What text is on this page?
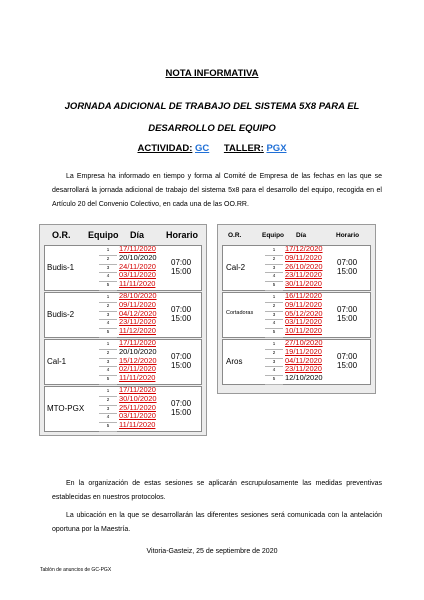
NOTA INFORMATIVA
JORNADA ADICIONAL DE TRABAJO DEL SISTEMA 5X8 PARA EL DESARROLLO DEL EQUIPO
ACTIVIDAD: GC TALLER: PGX
La Empresa ha informado en tiempo y forma al Comité de Empresa de las fechas en las que se desarrollará la jornada adicional de trabajo del sistema 5x8 para el desarrollo del equipo, recogida en el Artículo 20 del Convenio Colectivo, en cada una de las OO.RR.
O.R. Equipo Día Horario
Budis-1
1
2
3
4
5
17/11/2020
20/10/2020
24/11/2020
03/11/2020
11/11/2020
07:00
15:00
Budis-2
1
2
3
4
5
28/10/2020
09/11/2020
04/12/2020
23/11/2020
11/12/2020
07:00
15:00
Cal-1
1
2
3
4
5
17/11/2020
20/10/2020
15/12/2020
02/11/2020
11/11/2020
07:00
15:00
MTO-PGX
1
2
3
4
5
17/11/2020
30/10/2020
25/11/2020
03/11/2020
11/11/2020
07:00
15:00
O.R.	Equipo Día	Horario
Cal-2
1
2
3
4
5
17/12/2020
09/11/2020
26/10/2020
23/11/2020
30/11/2020
07:00
15:00
Cortadoras
1
2
3
4
5
16/11/2020
09/11/2020
05/12/2020
03/11/2020
10/11/2020
07:00
15:00
Aros
1
2
3
4
5
27/10/2020
19/11/2020
04/11/2020
23/11/2020
12/10/2020
07:00
15:00
En la organización de estas sesiones se aplicarán escrupulosamente las medidas preventivas establecidas en nuestros protocolos.
La ubicación en la que se desarrollarán las diferentes sesiones será comunicada con la antelación oportuna por la Maestría.
Vitoria-Gasteiz, 25 de septiembre de 2020
Tablón de anuncios de GC-PGX
